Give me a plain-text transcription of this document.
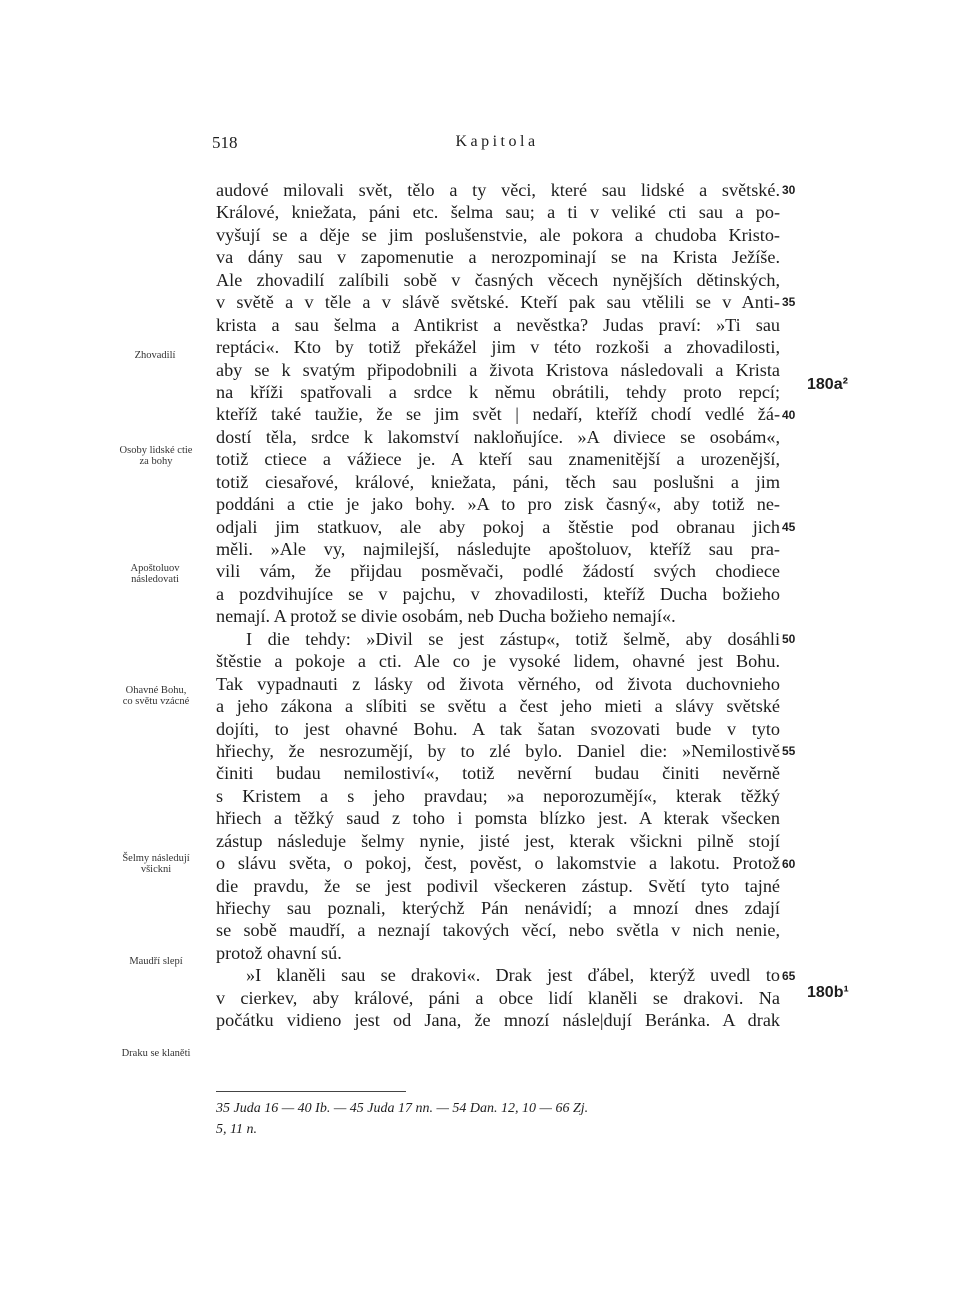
518	Kapitola
audové milovali svět, tělo a ty věci, které sau lidské a světské.
Králové, kniežata, páni etc. šelma sau; a ti v veliké cti sau a po-
vyšují se a děje se jim poslušenstvie, ale pokora a chudoba Kristo-
va dány sau v zapomenutie a nerozpominají se na Krista Ježíše.
Ale zhovadilí zalíbili sobě v časných věcech nynějších dětinských,
v světě a v těle a v slávě světské. Kteří pak sau vtělili se v Anti-
krista a sau šelma a Antikrist a nevěstka? Judas praví: »Ti sau
reptáci«. Kto by totiž překážel jim v této rozkoši a zhovadilosti,
aby se k svatým připodobnili a života Kristova následovali a Krista
na kříži spatřovali a srdce k němu obrátili, tehdy proto repcí;
kteříž také taužie, že se jim svět | nedaří, kteříž chodí vedlé žá-
dostí těla, srdce k lakomství nakloňujíce. »A diviece se osobám«,
totiž ctiece a vážiece je. A kteří sau znamenitější a urozenější,
totiž ciesařové, králové, kniežata, páni, těch sau poslušni a jim
poddáni a ctie je jako bohy. »A to pro zisk časný«, aby totiž ne-
odjali jim statkuov, ale aby pokoj a štěstie pod obranau jich
měli. »Ale vy, najmilejší, následujte apoštoluov, kteříž sau pra-
vili vám, že přijdau posměvači, podlé žádostí svých chodiece
a pozdvihujíce se v pajchu, v zhovadilosti, kteříž Ducha božieho
nemají. A protož se divie osobám, neb Ducha božieho nemají«.
I die tehdy: »Divil se jest zástup«, totiž šelmě, aby dosáhli
štěstie a pokoje a cti. Ale co je vysoké lidem, ohavné jest Bohu.
Tak vypadnauti z lásky od života věrného, od života duchovnieho
a jeho zákona a slíbiti se světu a čest jeho mieti a slávy světské
dojíti, to jest ohavné Bohu. A tak šatan svozovati bude v tyto
hřiechy, že nesrozumějí, by to zlé bylo. Daniel die: »Nemilostivě
činiti budau nemilostiví«, totiž nevěrní budau činiti nevěrně
s Kristem a s jeho pravdau; »a neporozumějí«, kterak těžký
hřiech a těžký saud z toho i pomsta blízko jest. A kterak všecken
zástup následuje šelmy nynie, jisté jest, kterak všickni pilně stojí
o slávu světa, o pokoj, čest, pověst, o lakomstvie a lakotu. Protož
die pravdu, že se jest podivil všeckeren zástup. Světí tyto tajné
hřiechy sau poznali, kterýchž Pán nenávidí; a mnozí dnes zdají
se sobě maudří, a neznají takových věcí, nebo světla v nich nenie,
protož ohavní sú.
»I klaněli sau se drakovi«. Drak jest ďábel, kterýž uvedl to
v cierkev, aby králové, páni a obce lidí klaněli se drakovi. Na
počátku vidieno jest od Jana, že mnozí násle|dují Beránka. A drak
30
35
40
45
50
55
60
65
180a²
180b¹
Zhovadilí
Osoby lidské ctie
za bohy
Apoštoluov
následovati
Ohavné Bohu,
co světu vzácné
Šelmy následují
všickni
Maudří slepí
Draku se klaněti
35 Juda 16 — 40 Ib. — 45 Juda 17 nn. — 54 Dan. 12, 10 — 66 Zj.
5, 11 n.
